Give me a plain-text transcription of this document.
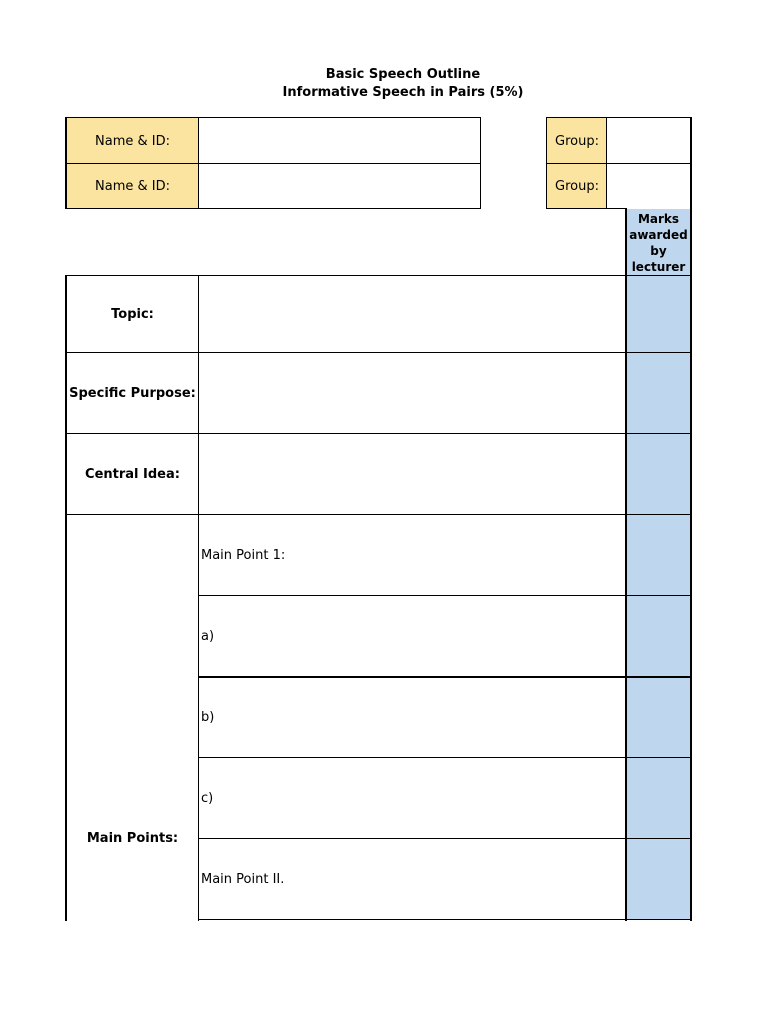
Basic Speech Outline
Informative Speech in Pairs (5%)
Name & ID:
Name & ID:
Group:
Group:
Marks awarded by lecturer
Topic:
Specific Purpose:
Central Idea:
Main Points:
Main Point 1:
a)
b)
c)
Main Point II.
